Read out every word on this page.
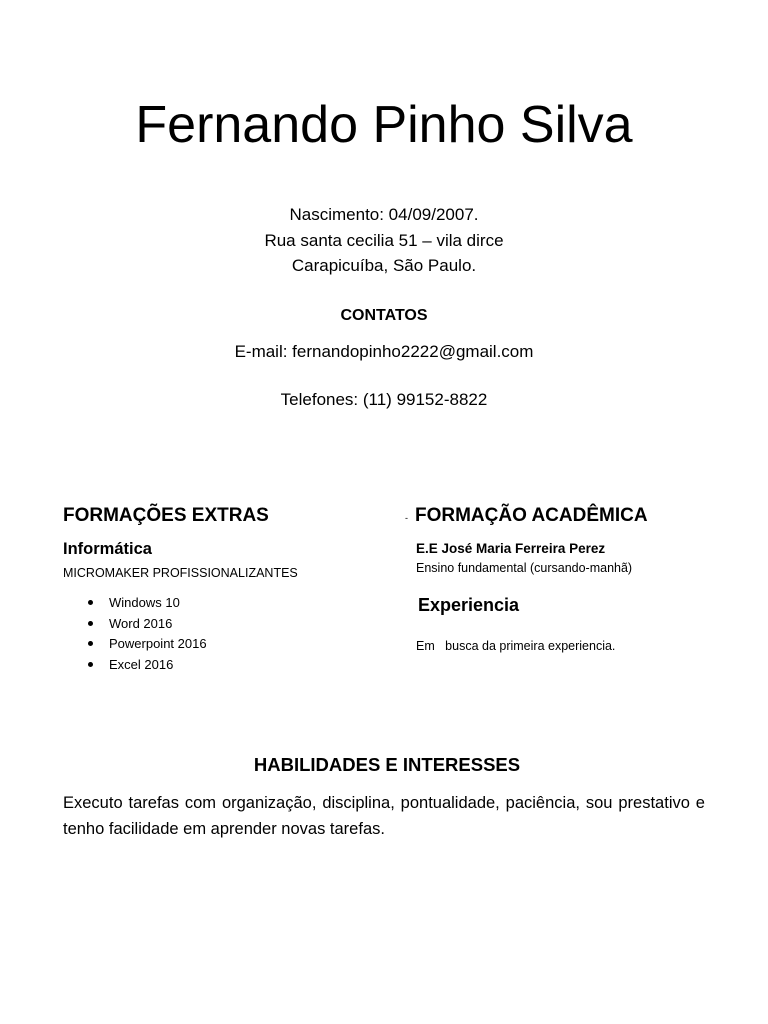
Fernando Pinho Silva
Nascimento: 04/09/2007.
Rua santa cecilia 51 – vila dirce
Carapicuíba, São Paulo.
CONTATOS
E-mail: fernandopinho2222@gmail.com
Telefones: (11) 99152-8822
FORMAÇÕES EXTRAS
Informática
MICROMAKER PROFISSIONALIZANTES
Windows 10
Word 2016
Powerpoint 2016
Excel 2016
- FORMAÇÃO ACADÊMICA
E.E José Maria Ferreira Perez
Ensino fundamental (cursando-manhã)
Experiencia
Em   busca da primeira experiencia.
HABILIDADES E INTERESSES
Executo tarefas com organização, disciplina, pontualidade, paciência, sou prestativo e tenho facilidade em aprender novas tarefas.
